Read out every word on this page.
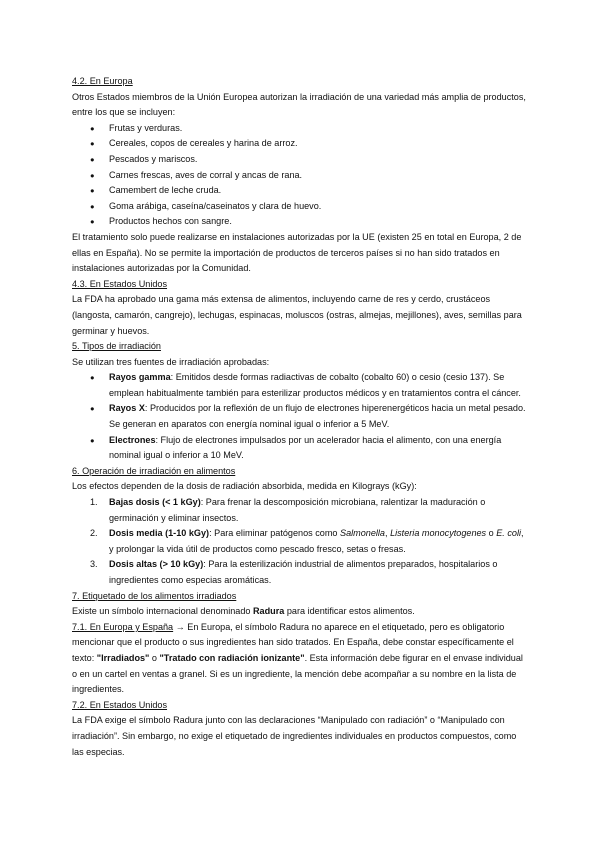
4.2. En Europa

Otros Estados miembros de la Unión Europea autorizan la irradiación de una variedad más amplia de productos, entre los que se incluyen:

● Frutas y verduras.
● Cereales, copos de cereales y harina de arroz.
● Pescados y mariscos.
● Carnes frescas, aves de corral y ancas de rana.
● Camembert de leche cruda.
● Goma arábiga, caseína/caseinatos y clara de huevo.
● Productos hechos con sangre.

El tratamiento solo puede realizarse en instalaciones autorizadas por la UE (existen 25 en total en Europa, 2 de ellas en España). No se permite la importación de productos de terceros países si no han sido tratados en instalaciones autorizadas por la Comunidad.

4.3. En Estados Unidos

La FDA ha aprobado una gama más extensa de alimentos, incluyendo carne de res y cerdo, crustáceos (langosta, camarón, cangrejo), lechugas, espinacas, moluscos (ostras, almejas, mejillones), aves, semillas para germinar y huevos.

5. Tipos de irradiación

Se utilizan tres fuentes de irradiación aprobadas:

● Rayos gamma: Emitidos desde formas radiactivas de cobalto (cobalto 60) o cesio (cesio 137). Se emplean habitualmente también para esterilizar productos médicos y en tratamientos contra el cáncer.
● Rayos X: Producidos por la reflexión de un flujo de electrones hiperenergéticos hacia un metal pesado. Se generan en aparatos con energía nominal igual o inferior a 5 MeV.
● Electrones: Flujo de electrones impulsados por un acelerador hacia el alimento, con una energía nominal igual o inferior a 10 MeV.

6. Operación de irradiación en alimentos

Los efectos dependen de la dosis de radiación absorbida, medida en Kilograys (kGy):

1. Bajas dosis (< 1 kGy): Para frenar la descomposición microbiana, ralentizar la maduración o germinación y eliminar insectos.
2. Dosis media (1-10 kGy): Para eliminar patógenos como Salmonella, Listeria monocytogenes o E. coli, y prolongar la vida útil de productos como pescado fresco, setas o fresas.
3. Dosis altas (> 10 kGy): Para la esterilización industrial de alimentos preparados, hospitalarios o ingredientes como especias aromáticas.

7. Etiquetado de los alimentos irradiados

Existe un símbolo internacional denominado Radura para identificar estos alimentos.

7.1. En Europa y España → En Europa, el símbolo Radura no aparece en el etiquetado, pero es obligatorio mencionar que el producto o sus ingredientes han sido tratados. En España, debe constar específicamente el texto: "Irradiados" o "Tratado con radiación ionizante". Esta información debe figurar en el envase individual o en un cartel en ventas a granel. Si es un ingrediente, la mención debe acompañar a su nombre en la lista de ingredientes.

7.2. En Estados Unidos

La FDA exige el símbolo Radura junto con las declaraciones “Manipulado con radiación” o “Manipulado con irradiación”. Sin embargo, no exige el etiquetado de ingredientes individuales en productos compuestos, como las especias.
